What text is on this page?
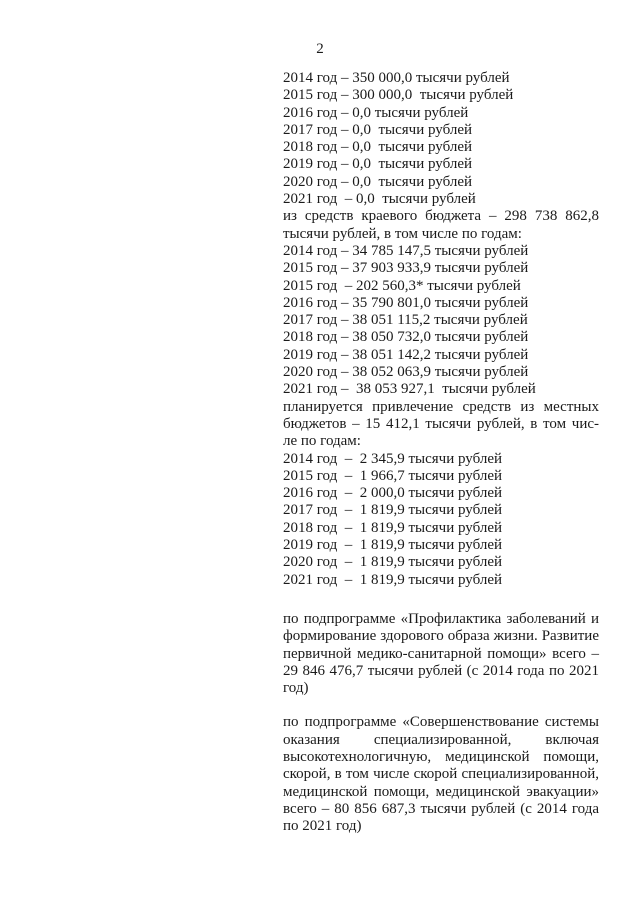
2
2014 год – 350 000,0 тысячи рублей
2015 год – 300 000,0  тысячи рублей
2016 год – 0,0 тысячи рублей
2017 год – 0,0  тысячи рублей
2018 год – 0,0  тысячи рублей
2019 год – 0,0  тысячи рублей
2020 год – 0,0  тысячи рублей
2021 год  – 0,0  тысячи рублей
из средств краевого бюджета – 298 738 862,8
тысячи рублей, в том числе по годам:
2014 год – 34 785 147,5 тысячи рублей
2015 год – 37 903 933,9 тысячи рублей
2015 год  – 202 560,3* тысячи рублей
2016 год – 35 790 801,0 тысячи рублей
2017 год – 38 051 115,2 тысячи рублей
2018 год – 38 050 732,0 тысячи рублей
2019 год – 38 051 142,2 тысячи рублей
2020 год – 38 052 063,9 тысячи рублей
2021 год –  38 053 927,1  тысячи рублей
планируется привлечение средств из местных
бюджетов – 15 412,1 тысячи рублей, в том чис-
ле по годам:
2014 год  –  2 345,9 тысячи рублей
2015 год  –  1 966,7 тысячи рублей
2016 год  –  2 000,0 тысячи рублей
2017 год  –  1 819,9 тысячи рублей
2018 год  –  1 819,9 тысячи рублей
2019 год  –  1 819,9 тысячи рублей
2020 год  –  1 819,9 тысячи рублей
2021 год  –  1 819,9 тысячи рублей

по подпрограмме «Профилактика заболеваний и формирование здорового образа жизни. Развитие первичной медико-санитарной помощи» всего – 29 846 476,7 тысячи рублей (с 2014 года по 2021 год)

по подпрограмме «Совершенствование системы оказания специализированной, включая высокотехнологичную, медицинской помощи, скорой, в том числе скорой специализированной, медицинской помощи, медицинской эвакуации» всего – 80 856 687,3 тысячи рублей (с 2014 года по 2021 год)
